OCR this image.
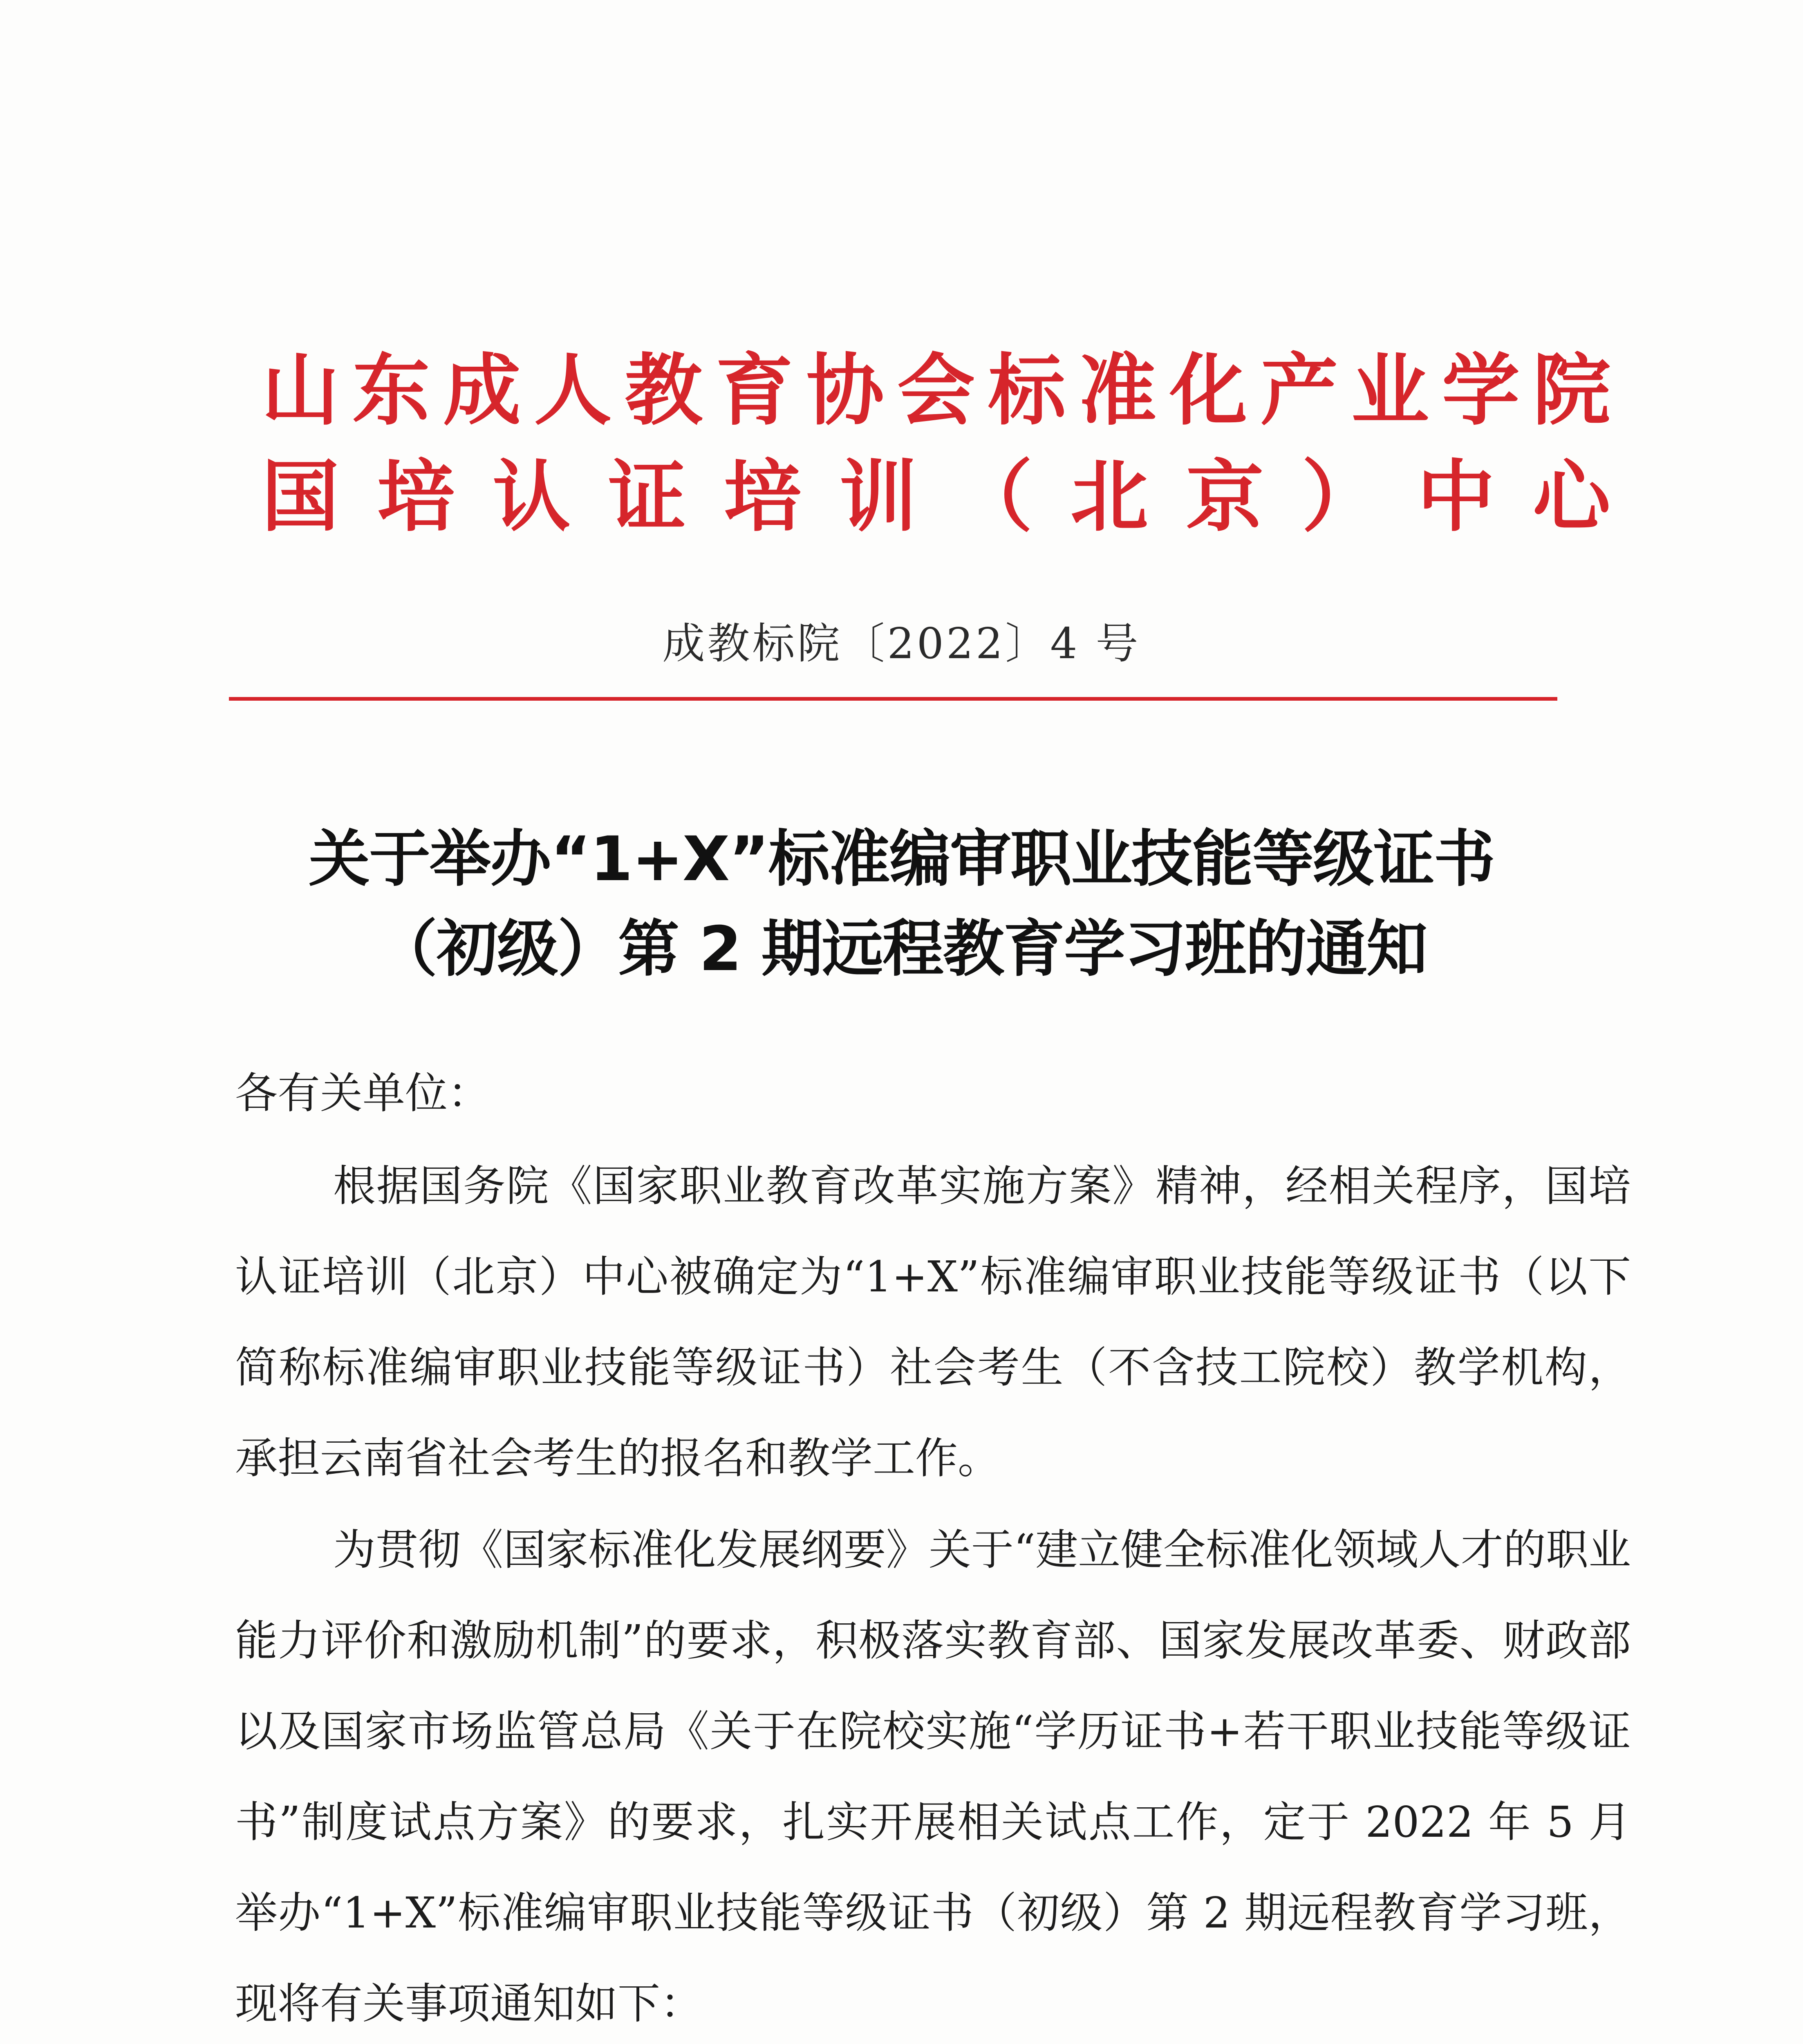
山 东 成 人 教 育 协 会 标 准 化 产 业 学 院
国 培 认 证 培 训 （ 北 京 ） 中 心
成教标院〔2022〕4 号
关于举办“1+X”标准编审职业技能等级证书
（初级）第 2 期远程教育学习班的通知
各有关单位：

根据国务院《国家职业教育改革实施方案》精神，经相关程序，国培认证培训（北京）中心被确定为“1+X”标准编审职业技能等级证书（以下简称标准编审职业技能等级证书）社会考生（不含技工院校）教学机构，承担云南省社会考生的报名和教学工作。

为贯彻《国家标准化发展纲要》关于“建立健全标准化领域人才的职业能力评价和激励机制”的要求，积极落实教育部、国家发展改革委、财政部以及国家市场监管总局《关于在院校实施“学历证书+若干职业技能等级证书”制度试点方案》的要求，扎实开展相关试点工作，定于 2022 年 5 月举办“1+X”标准编审职业技能等级证书（初级）第 2 期远程教育学习班，现将有关事项通知如下：
